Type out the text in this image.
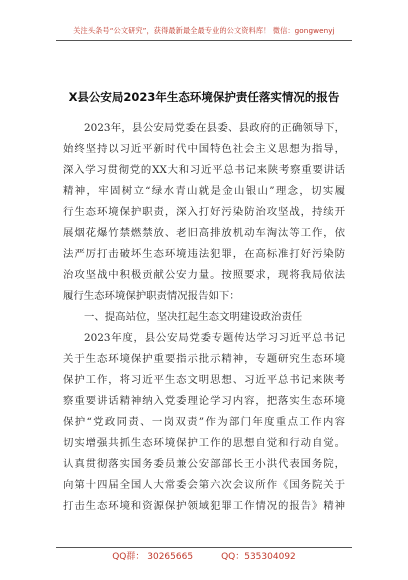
关注头条号“公文研究”，获得最新最全最专业的公文资料库！ 微信：gongwenyj
X县公安局2023年生态环境保护责任落实情况的报告
2023年，县公安局党委在县委、县政府的正确领导下，
始终坚持以习近平新时代中国特色社会主义思想为指导，
深入学习贯彻党的XX大和习近平总书记来陕考察重要讲话
精神，牢固树立“绿水青山就是金山银山”理念，切实履
行生态环境保护职责，深入打好污染防治攻坚战，持续开
展烟花爆竹禁燃禁放、老旧高排放机动车淘汰等工作，依
法严厉打击破坏生态环境违法犯罪，在高标准打好污染防
治攻坚战中积极贡献公安力量。按照要求，现将我局依法
履行生态环境保护职责情况报告如下：
一、提高站位，坚决扛起生态文明建设政治责任
2023年度，县公安局党委专题传达学习习近平总书记
关于生态环境保护重要指示批示精神，专题研究生态环境
保护工作，将习近平生态文明思想、习近平总书记来陕考
察重要讲话精神纳入党委理论学习内容，把落实生态环境
保护“党政同责、一岗双责”作为部门年度重点工作内容
切实增强共抓生态环境保护工作的思想自觉和行动自觉。
认真贯彻落实国务委员兼公安部部长王小洪代表国务院，
向第十四届全国人大常委会第六次会议所作《国务院关于
打击生态环境和资源保护领域犯罪工作情况的报告》精神
QQ群： 30265665	QQ：535304092
